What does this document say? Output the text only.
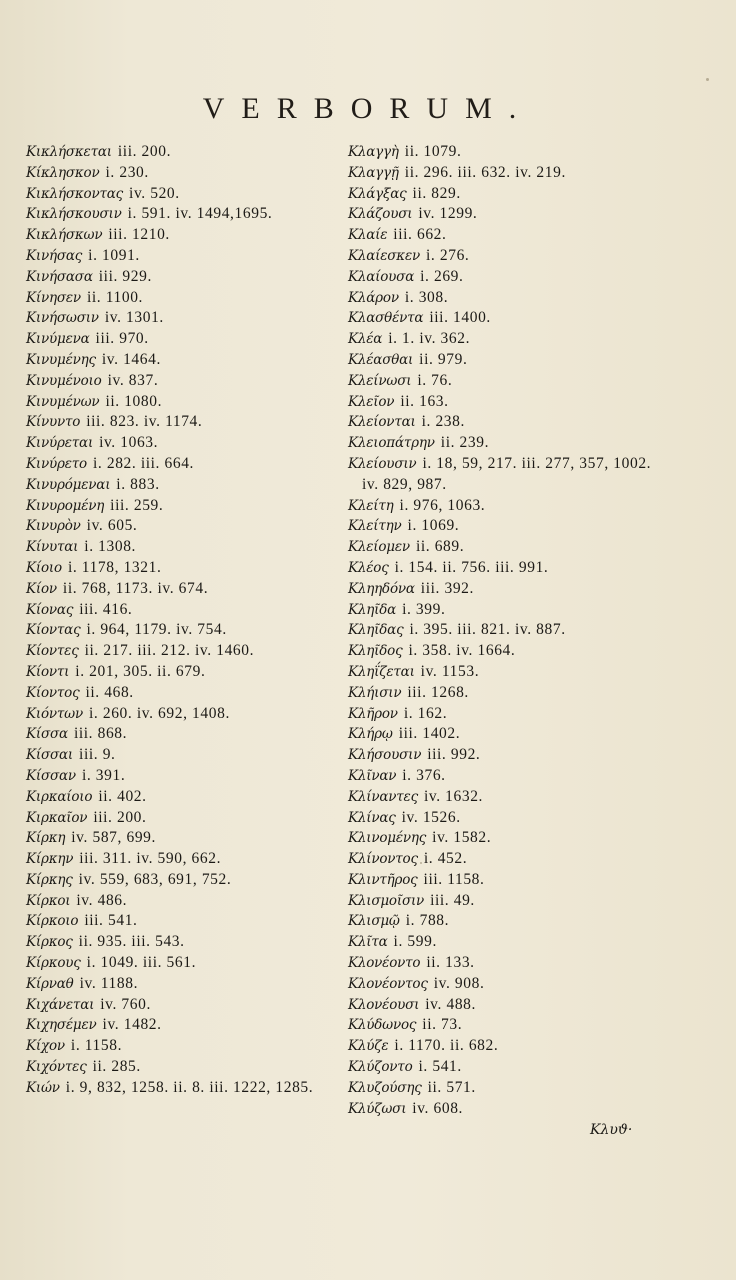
VERBORUM.
Κικλήσκεται iii. 200.
Κίκλησκον i. 230.
Κικλήσκοντας iv. 520.
Κικλήσκουσιν i. 591. iv. 1494,1695.
Κικλήσκων iii. 1210.
Κινήσας i. 1091.
Κινήσασα iii. 929.
Κίνησεν ii. 1100.
Κινήσωσιν iv. 1301.
Κινύμενα iii. 970.
Κινυμένης iv. 1464.
Κινυμένοιο iv. 837.
Κινυμένων ii. 1080.
Κίνυντο iii. 823. iv. 1174.
Κινύρεται iv. 1063.
Κινύρετο i. 282. iii. 664.
Κινυρόμεναι i. 883.
Κινυρομένη iii. 259.
Κινυρὸν iv. 605.
Κίνυται i. 1308.
Κίοιο i. 1178, 1321.
Κίον ii. 768, 1173. iv. 674.
Κίονας iii. 416.
Κίοντας i. 964, 1179. iv. 754.
Κίοντες ii. 217. iii. 212. iv. 1460.
Κίοντι i. 201, 305. ii. 679.
Κίοντος ii. 468.
Κιόντων i. 260. iv. 692, 1408.
Κίσσα iii. 868.
Κίσσαι iii. 9.
Κίσσαν i. 391.
Κιρκαίοιο ii. 402.
Κιρκαῖον iii. 200.
Κίρκη iv. 587, 699.
Κίρκην iii. 311. iv. 590, 662.
Κίρκης iv. 559, 683, 691, 752.
Κίρκοι iv. 486.
Κίρκοιο iii. 541.
Κίρκος ii. 935. iii. 543.
Κίρκους i. 1049. iii. 561.
Κίρναθ iv. 1188.
Κιχάνεται iv. 760.
Κιχησέμεν iv. 1482.
Κίχον i. 1158.
Κιχόντες ii. 285.
Κιών i. 9, 832, 1258. ii. 8. iii. 1222, 1285.
Κλαγγὴ ii. 1079.
Κλαγγῇ ii. 296. iii. 632. iv. 219.
Κλάγξας ii. 829.
Κλάζουσι iv. 1299.
Κλαίε iii. 662.
Κλαίεσκεν i. 276.
Κλαίουσα i. 269.
Κλάρον i. 308.
Κλασθέντα iii. 1400.
Κλέα i. 1. iv. 362.
Κλέασθαι ii. 979.
Κλείνωσι i. 76.
Κλεῖον ii. 163.
Κλείονται i. 238.
Κλειοπάτρην ii. 239.
Κλείουσιν i. 18, 59, 217. iii. 277, 357, 1002. iv. 829, 987.
Κλείτη i. 976, 1063.
Κλείτην i. 1069.
Κλείομεν ii. 689.
Κλέος i. 154. ii. 756. iii. 991.
Κληηδόνα iii. 392.
Κληῖδα i. 399.
Κληῖδας i. 395. iii. 821. iv. 887.
Κληῖδος i. 358. iv. 1664.
Κληΐζεται iv. 1153.
Κλήισιν iii. 1268.
Κλῆρον i. 162.
Κλήρῳ iii. 1402.
Κλήσουσιν iii. 992.
Κλῖναν i. 376.
Κλίναντες iv. 1632.
Κλίνας iv. 1526.
Κλινομένης iv. 1582.
Κλίνοντος i. 452.
Κλιντῆρος iii. 1158.
Κλισμοῖσιν iii. 49.
Κλισμῷ i. 788.
Κλῖτα i. 599.
Κλονέοντο ii. 133.
Κλονέοντος iv. 908.
Κλονέουσι iv. 488.
Κλύδωνος ii. 73.
Κλύζε i. 1170. ii. 682.
Κλύζοντο i. 541.
Κλυζούσης ii. 571.
Κλύζωσι iv. 608.
Κλυϑ·
